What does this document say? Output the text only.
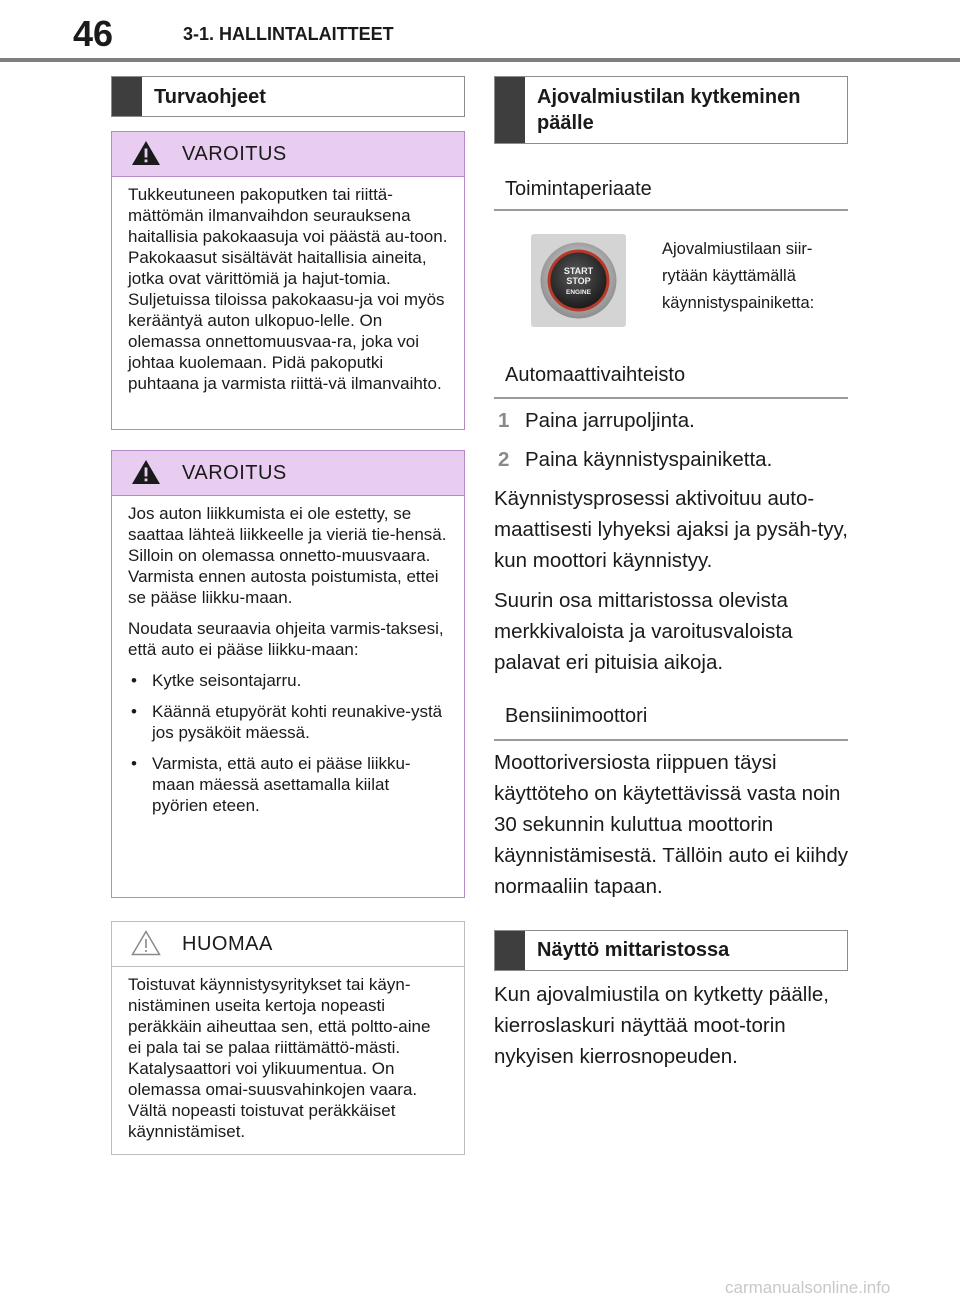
46	3-1. HALLINTALAITTEET
Turvaohjeet
VAROITUS

Tukkeutuneen pakoputken tai riittä-mättömän ilmanvaihdon seurauksena haitallisia pakokaasuja voi päästä au-toon. Pakokaasut sisältävät haitallisia aineita, jotka ovat värittömiä ja hajut-tomia. Suljetuissa tiloissa pakokaasu-ja voi myös kerääntyä auton ulkopuo-lelle. On olemassa onnettomuusvaa-ra, joka voi johtaa kuolemaan. Pidä pakoputki puhtaana ja varmista riittä-vä ilmanvaihto.

VAROITUS

Jos auton liikkumista ei ole estetty, se saattaa lähteä liikkeelle ja vieriä tie-hensä. Silloin on olemassa onnetto-muusvaara. Varmista ennen autosta poistumista, ettei se pääse liikku-maan.

Noudata seuraavia ohjeita varmis-taksesi, että auto ei pääse liikku-maan:

• Kytke seisontajarru.
• Käännä etupyörät kohti reunakive-ystä jos pysäköit mäessä.
• Varmista, että auto ei pääse liikku-maan mäessä asettamalla kiilat pyörien eteen.
HUOMAA

Toistuvat käynnistysyritykset tai käyn-nistäminen useita kertoja nopeasti peräkkäin aiheuttaa sen, että poltto-aine ei pala tai se palaa riittämättö-mästi. Katalysaattori voi ylikuumentua. On olemassa omai-suusvahinkojen vaara. Vältä nopeasti toistuvat peräkkäiset käynnistämiset.

Ajovalmiustilan kytkeminen päälle
Toimintaperiaate
START
STOP
ENGINE
Ajovalmiustilaan siir-rytään käyttämällä käynnistyspainiketta:
Automaattivaihteisto
1 Paina jarrupoljinta.
2 Paina käynnistyspainiketta.

Käynnistysprosessi aktivoituu auto-maattisesti lyhyeksi ajaksi ja pysäh-tyy, kun moottori käynnistyy.

Suurin osa mittaristossa olevista merkkivaloista ja varoitusvaloista palavat eri pituisia aikoja.

Bensiinimoottori

Moottoriversiosta riippuen täysi käyttöteho on käytettävissä vasta noin 30 sekunnin kuluttua moottorin käynnistämisestä. Tällöin auto ei kiihdy normaaliin tapaan.

Näyttö mittaristossa

Kun ajovalmiustila on kytketty päälle, kierroslaskuri näyttää moot-torin nykyisen kierrosnopeuden.

carmanualsonline.info
